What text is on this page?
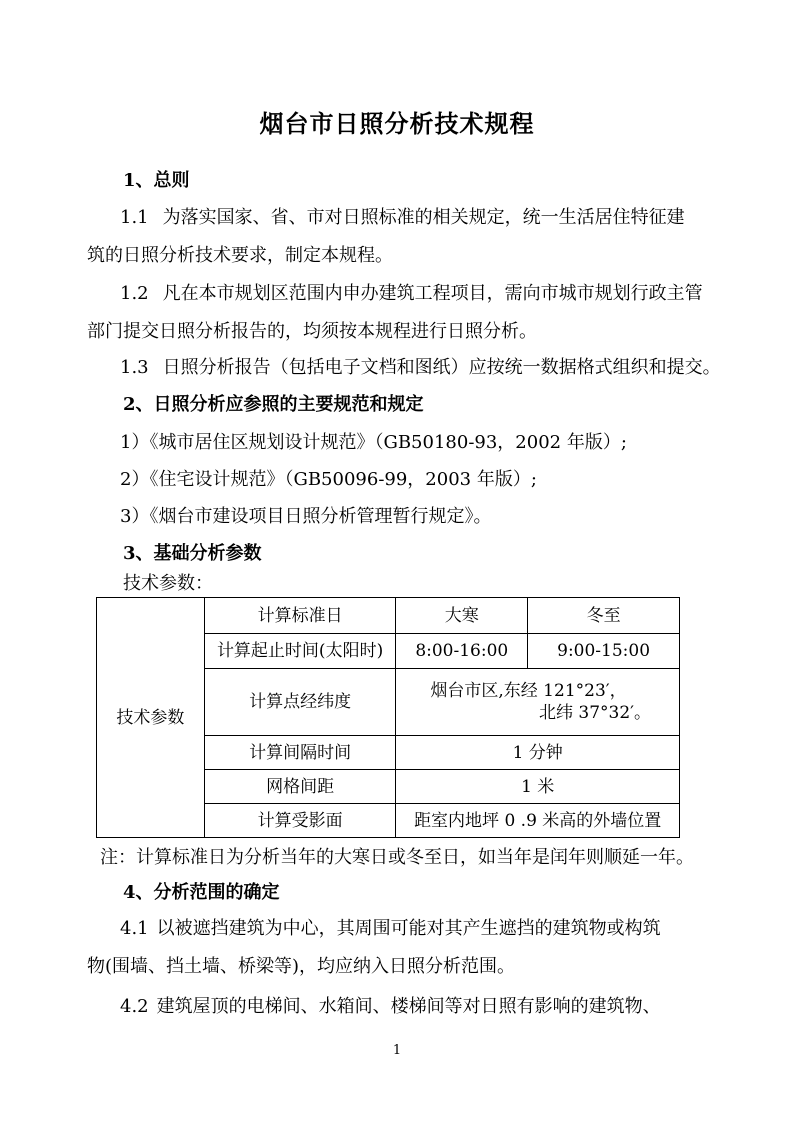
烟台市日照分析技术规程
1、总则
1.1 为落实国家、省、市对日照标准的相关规定，统一生活居住特征建
筑的日照分析技术要求，制定本规程。
1.2 凡在本市规划区范围内申办建筑工程项目，需向市城市规划行政主管
部门提交日照分析报告的，均须按本规程进行日照分析。
1.3 日照分析报告（包括电子文档和图纸）应按统一数据格式组织和提交。
2、日照分析应参照的主要规范和规定
1）《城市居住区规划设计规范》（GB50180-93，2002 年版）;
2）《住宅设计规范》（GB50096-99，2003 年版）;
3）《烟台市建设项目日照分析管理暂行规定》。
3、基础分析参数
技术参数：
技术参数	计算标准日	大寒	冬至
	计算起止时间(太阳时)	8:00-16:00	9:00-15:00
	计算点经纬度	烟台市区,东经 121°23′，
北纬 37°32′。	

	计算间隔时间	1 分钟	
	网格间距	1 米	
	计算受影面	距室内地坪 0 .9 米高的外墙位置	
注：计算标准日为分析当年的大寒日或冬至日，如当年是闰年则顺延一年。
4、分析范围的确定
4.1 以被遮挡建筑为中心，其周围可能对其产生遮挡的建筑物或构筑
物(围墙、挡土墙、桥梁等)，均应纳入日照分析范围。
4.2 建筑屋顶的电梯间、水箱间、楼梯间等对日照有影响的建筑物、
1
